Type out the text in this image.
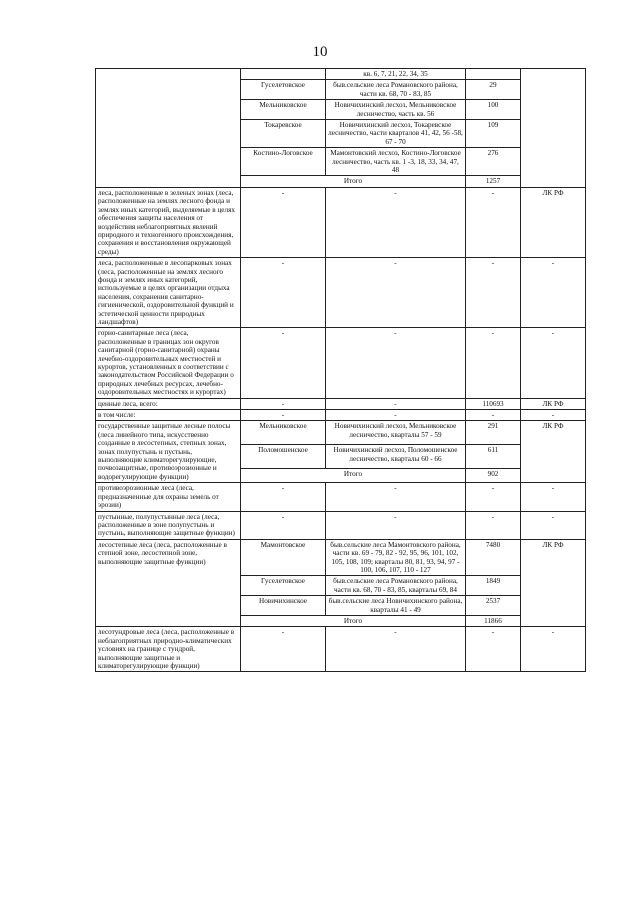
10
		кв. 6, 7, 21, 22, 34, 35		
	Гуселетовское	быв.сельские леса Романовского района, части кв. 68, 70 - 83, 85	29	
	Мельниковское	Новичихинский лесхоз, Мельниковское лесничество, часть кв. 56	100	
	Токаревское	Новичихинский лесхоз, Токаревское лесничество, части кварталов 41, 42, 56 -58, 67 - 70	109	
	Костино-Логовское	Мамонтовский лесхоз, Костино-Логовское лесничество, часть кв. 1 -3, 18, 33, 34, 47, 48	276	
	Итого		1257	
леса, расположенные в зеленых зонах (леса, расположенные на землях лесного фонда и землях иных категорий, выделяемые в целях обеспечения защиты населения от воздействия неблагоприятных явлений природного и техногенного происхождения, сохранения и восстановления окружающей среды)	-	-	-	ЛК РФ
леса, расположенные в лесопарковых зонах (леса, расположенные на землях лесного фонда и землях иных категорий, используемые в целях организации отдыха населения, сохранения санитарно-гигиенической, оздоровительной функций и эстетической ценности природных ландшафтов)	-	-	-	-
горно-санитарные леса (леса, расположенные в границах зон округов санитарной (горно-санитарной) охраны лечебно-оздоровительных местностей и курортов, установленных в соответствии с законодательством Российской Федерации о природных лечебных ресурсах, лечебно-оздоровительных местностях и курортах)	-	-	-	-
ценные леса, всего:	-	-	110693	ЛК РФ
в том числе:	-	-	-	-
государственные защитные лесные полосы (леса линейного типа, искусственно созданные в лесостепных, степных зонах, зонах полупустынь и пустынь, выполняющие климаторегулирующие, почвозащитные, противоэрозионные и водорегулирующие функции)	Мельниковское	Новичихинский лесхоз, Мельниковское лесничество, кварталы 57 - 59	291	ЛК РФ
	Поломошенское	Новичихинский лесхоз, Поломошенское лесничество, кварталы 60 - 66	611	
	Итого		902	
противоэрозионные леса (леса, предназначенные для охраны земель от эрозии)	-	-	-	-
пустынные, полупустынные леса (леса, расположенные в зоне полупустынь и пустынь, выполняющие защитные функции)	-	-	-	-
лесостепные леса (леса, расположенные в степной зоне, лесостепной зоне, выполняющие защитные функции)	Мамонтовское	быв.сельские леса Мамонтовского района, части кв. 69 - 79, 82 - 92, 95, 96, 101, 102, 105, 108, 109; кварталы 80, 81, 93, 94, 97 - 100, 106, 107, 110 - 127	7480	ЛК РФ
	Гуселетовское	быв.сельские леса Романовского района, части кв. 68, 70 - 83, 85, кварталы 69, 84	1849	
	Новичихинское	быв.сельские леса Новичихинского района, кварталы 41 - 49	2537	
	Итого		11866	
лесотундровые леса (леса, расположенные в неблагоприятных природно-климатических условиях на границе с тундрой, выполняющие защитные и климаторегулирующие функции)	-	-	-	-
